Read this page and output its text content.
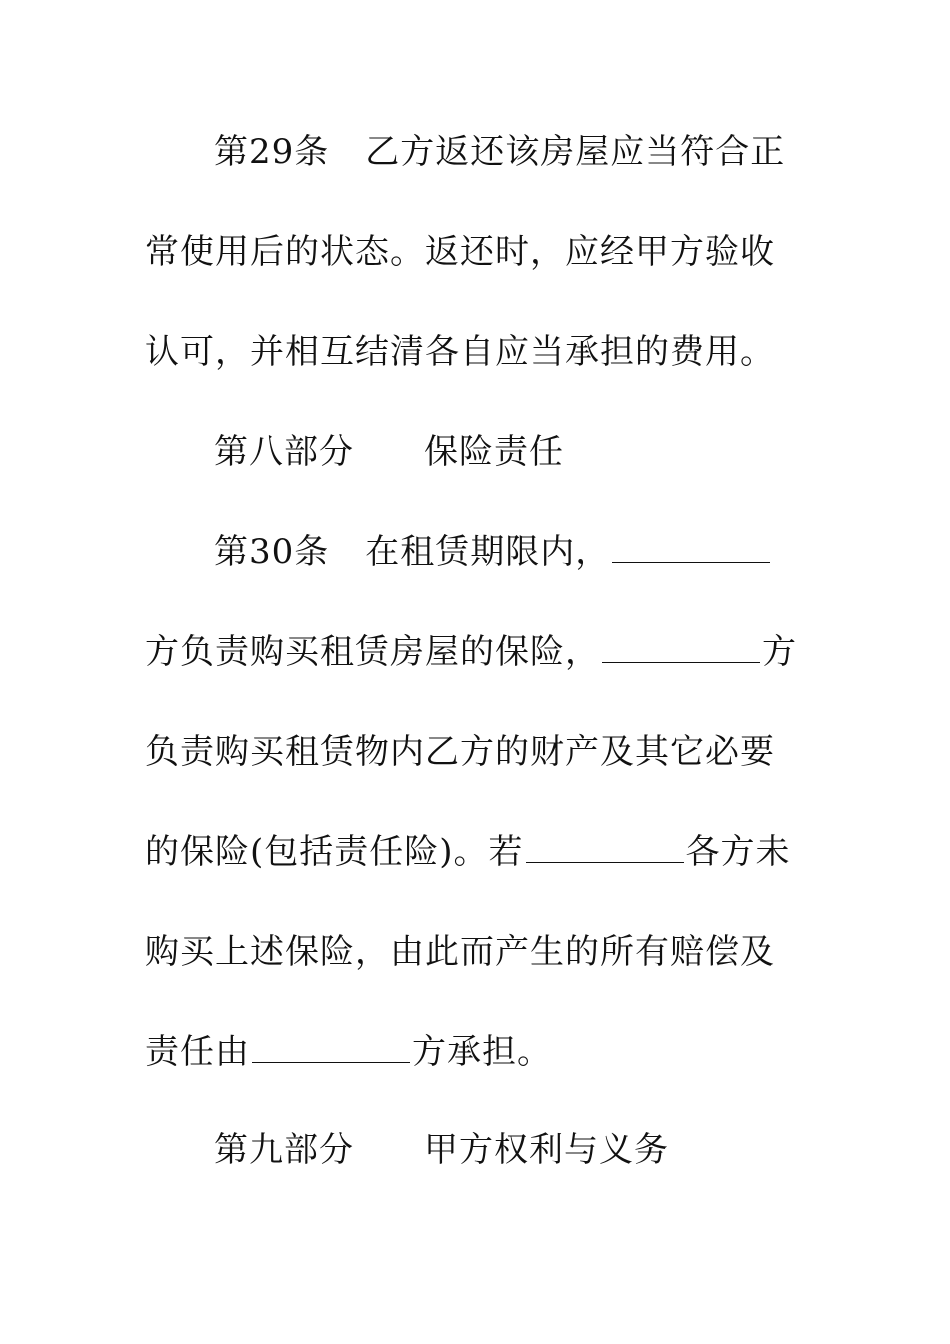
第29条 乙方返还该房屋应当符合正
常使用后的状态。返还时，应经甲方验收
认可，并相互结清各自应当承担的费用。
第八部分 保险责任
第30条 在租赁期限内，
方负责购买租赁房屋的保险，	方
负责购买租赁物内乙方的财产及其它必要
的保险(包括责任险)。若	各方未
购买上述保险，由此而产生的所有赔偿及
责任由	方承担。
第九部分 甲方权利与义务
